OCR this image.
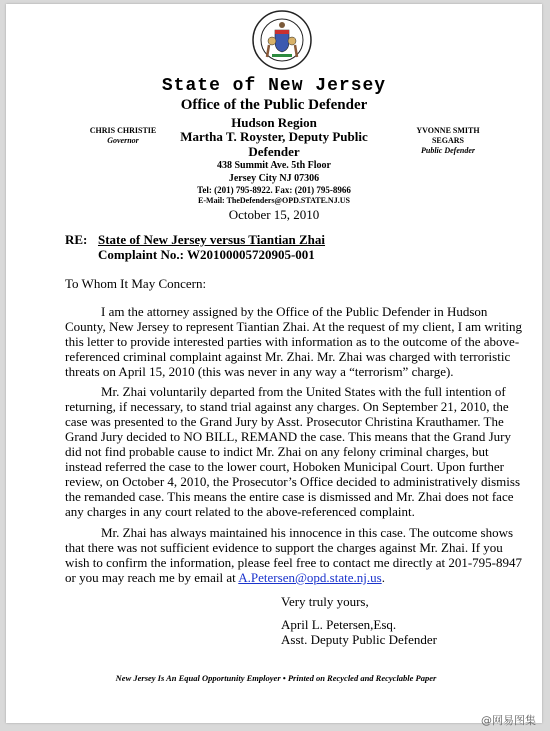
State of New Jersey
Office of the Public Defender
Hudson Region
Martha T. Royster, Deputy Public
Defender
438 Summit Ave. 5th Floor
Jersey City NJ 07306
Tel: (201) 795-8922. Fax: (201) 795-8966
E-Mail: TheDefenders@OPD.STATE.NJ.US
October 15, 2010
CHRIS CHRISTIE
Governor
YVONNE SMITH
SEGARS
Public Defender
RE: State of New Jersey versus Tiantian Zhai
Complaint No.: W20100005720905-001
To Whom It May Concern:

I am the attorney assigned by the Office of the Public Defender in Hudson County, New Jersey to represent Tiantian Zhai. At the request of my client, I am writing this letter to provide interested parties with information as to the outcome of the above-referenced criminal complaint against Mr. Zhai. Mr. Zhai was charged with terroristic threats on April 15, 2010 (this was never in any way a “terrorism” charge).

Mr. Zhai voluntarily departed from the United States with the full intention of returning, if necessary, to stand trial against any charges. On September 21, 2010, the case was presented to the Grand Jury by Asst. Prosecutor Christina Krauthamer. The Grand Jury decided to NO BILL, REMAND the case. This means that the Grand Jury did not find probable cause to indict Mr. Zhai on any felony criminal charges, but instead referred the case to the lower court, Hoboken Municipal Court. Upon further review, on October 4, 2010, the Prosecutor’s Office decided to administratively dismiss the remanded case. This means the entire case is dismissed and Mr. Zhai does not face any charges in any court related to the above-referenced complaint.

Mr. Zhai has always maintained his innocence in this case. The outcome shows that there was not sufficient evidence to support the charges against Mr. Zhai. If you wish to confirm the information, please feel free to contact me directly at 201-795-8947 or you may reach me by email at A.Petersen@opd.state.nj.us.

Very truly yours,
April L. Petersen,Esq.
Asst. Deputy Public Defender
New Jersey Is An Equal Opportunity Employer • Printed on Recycled and Recyclable Paper
@网易图集
